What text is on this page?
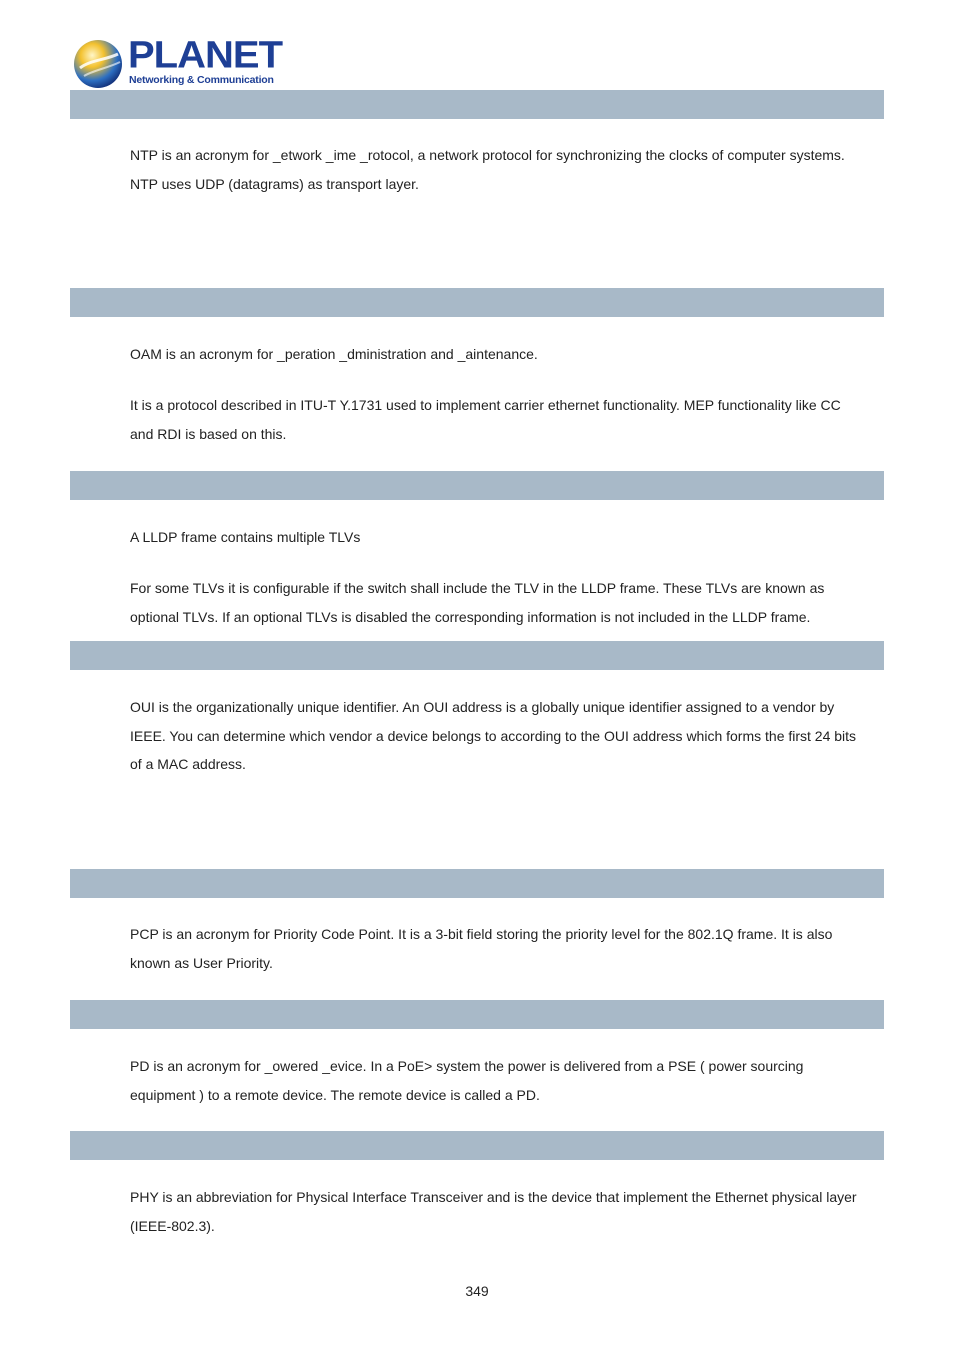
PLANET
Networking & Communication
NTP is an acronym for _etwork _ime _rotocol, a network protocol for synchronizing the clocks of computer systems.
NTP uses UDP (datagrams) as transport layer.
OAM is an acronym for _peration _dministration and _aintenance.
It is a protocol described in ITU-T Y.1731 used to implement carrier ethernet functionality. MEP functionality like CC
and RDI is based on this.
A LLDP frame contains multiple TLVs
For some TLVs it is configurable if the switch shall include the TLV in the LLDP frame. These TLVs are known as
optional TLVs. If an optional TLVs is disabled the corresponding information is not included in the LLDP frame.
OUI is the organizationally unique identifier. An OUI address is a globally unique identifier assigned to a vendor by
IEEE. You can determine which vendor a device belongs to according to the OUI address which forms the first 24 bits
of a MAC address.
PCP is an acronym for Priority Code Point. It is a 3-bit field storing the priority level for the 802.1Q frame. It is also
known as User Priority.
PD is an acronym for _owered _evice. In a PoE> system the power is delivered from a PSE ( power sourcing
equipment ) to a remote device. The remote device is called a PD.
PHY is an abbreviation for Physical Interface Transceiver and is the device that implement the Ethernet physical layer
(IEEE-802.3).
349
